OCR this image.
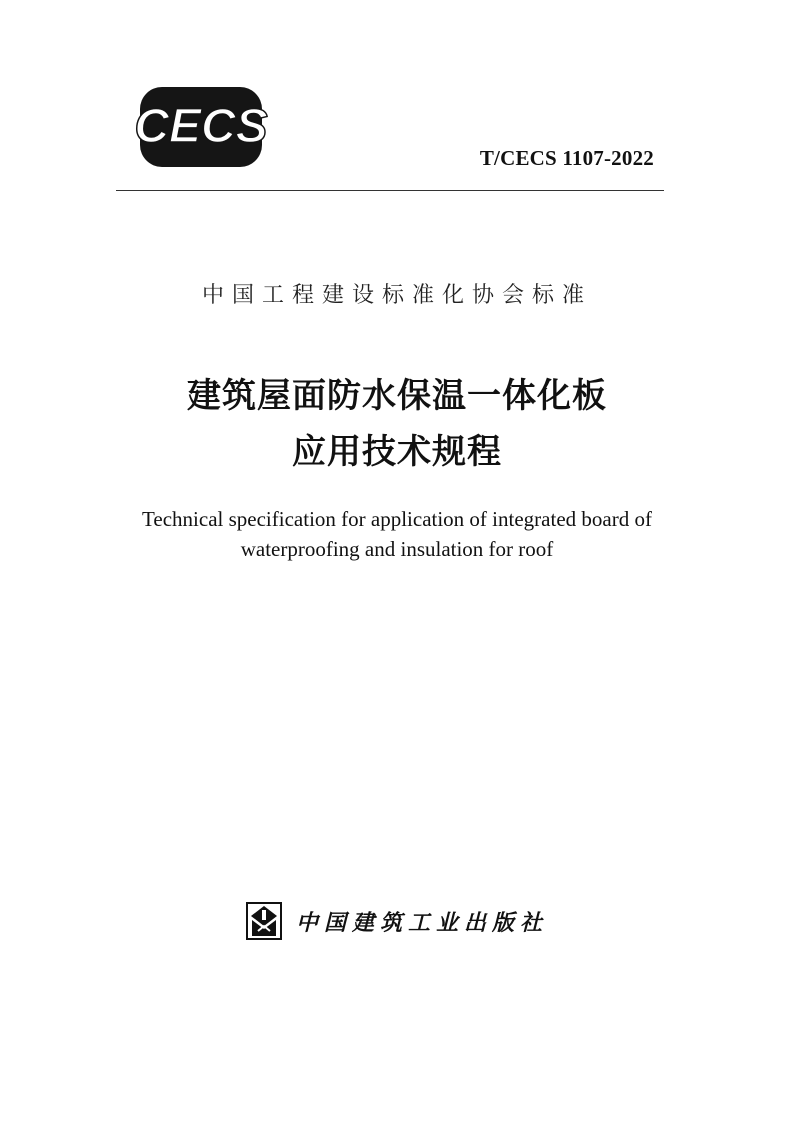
CECS
T/CECS 1107-2022
中国工程建设标准化协会标准
建筑屋面防水保温一体化板
应用技术规程
Technical specification for application of integrated board of
waterproofing and insulation for roof
中国建筑工业出版社
